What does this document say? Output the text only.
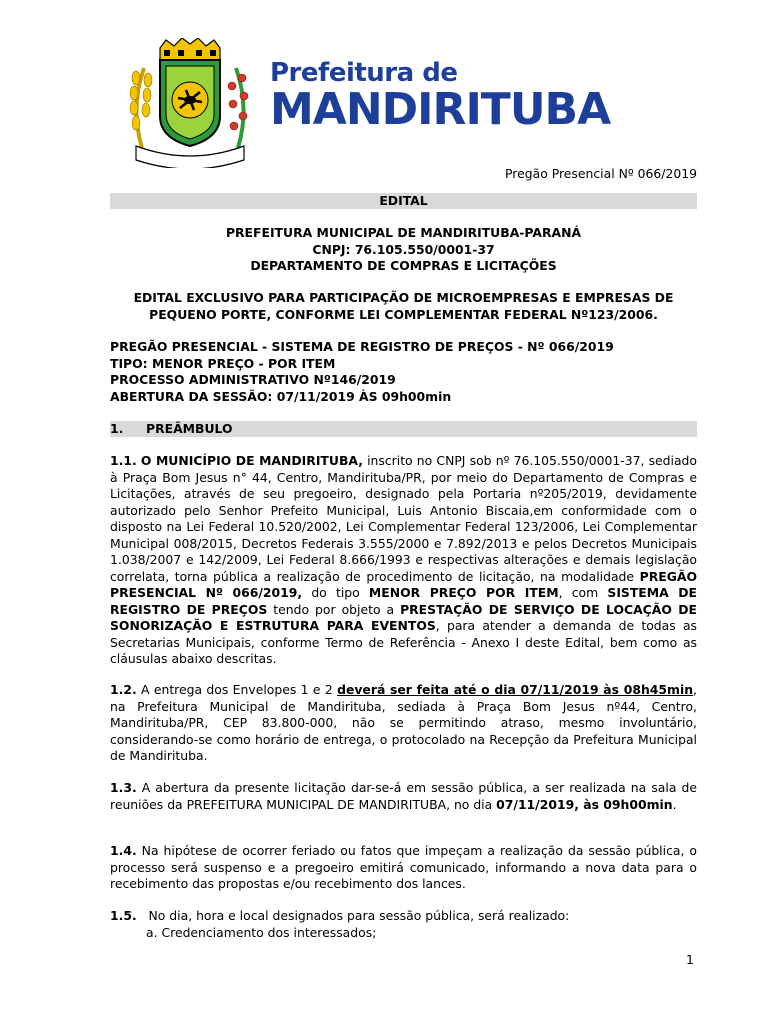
Prefeitura de
MANDIRITUBA
Pregão Presencial Nº 066/2019
EDITAL
PREFEITURA MUNICIPAL DE MANDIRITUBA-PARANÁ
CNPJ: 76.105.550/0001-37
DEPARTAMENTO DE COMPRAS E LICITAÇÕES
EDITAL EXCLUSIVO PARA PARTICIPAÇÃO DE MICROEMPRESAS E EMPRESAS DE PEQUENO PORTE, CONFORME LEI COMPLEMENTAR FEDERAL Nº123/2006.
PREGÃO PRESENCIAL - SISTEMA DE REGISTRO DE PREÇOS - Nº 066/2019
TIPO: MENOR PREÇO - POR ITEM
PROCESSO ADMINISTRATIVO Nº146/2019
ABERTURA DA SESSÃO: 07/11/2019 ÀS 09h00min
1. PREÂMBULO
1.1. O MUNICÍPIO DE MANDIRITUBA, inscrito no CNPJ sob nº 76.105.550/0001-37, sediado à Praça Bom Jesus n° 44, Centro, Mandirituba/PR, por meio do Departamento de Compras e Licitações, através de seu pregoeiro, designado pela Portaria nº205/2019, devidamente autorizado pelo Senhor Prefeito Municipal, Luis Antonio Biscaia,em conformidade com o disposto na Lei Federal 10.520/2002, Lei Complementar Federal 123/2006, Lei Complementar Municipal 008/2015, Decretos Federais 3.555/2000 e 7.892/2013 e pelos Decretos Municipais 1.038/2007 e 142/2009, Lei Federal 8.666/1993 e respectivas alterações e demais legislação correlata, torna pública a realização de procedimento de licitação, na modalidade PREGÃO PRESENCIAL Nº 066/2019, do tipo MENOR PREÇO POR ITEM, com SISTEMA DE REGISTRO DE PREÇOS tendo por objeto a PRESTAÇÃO DE SERVIÇO DE LOCAÇÃO DE SONORIZAÇÃO E ESTRUTURA PARA EVENTOS, para atender a demanda de todas as Secretarias Municipais, conforme Termo de Referência - Anexo I deste Edital, bem como as cláusulas abaixo descritas.
1.2. A entrega dos Envelopes 1 e 2 deverá ser feita até o dia 07/11/2019 às 08h45min, na Prefeitura Municipal de Mandirituba, sediada à Praça Bom Jesus nº44, Centro, Mandirituba/PR, CEP 83.800-000, não se permitindo atraso, mesmo involuntário, considerando-se como horário de entrega, o protocolado na Recepção da Prefeitura Municipal de Mandirituba.
1.3. A abertura da presente licitação dar-se-á em sessão pública, a ser realizada na sala de reuniões da PREFEITURA MUNICIPAL DE MANDIRITUBA, no dia 07/11/2019, às 09h00min.
1.4. Na hipótese de ocorrer feriado ou fatos que impeçam a realização da sessão pública, o processo será suspenso e a pregoeiro emitirá comunicado, informando a nova data para o recebimento das propostas e/ou recebimento dos lances.
1.5. No dia, hora e local designados para sessão pública, será realizado:
a. Credenciamento dos interessados;
1
